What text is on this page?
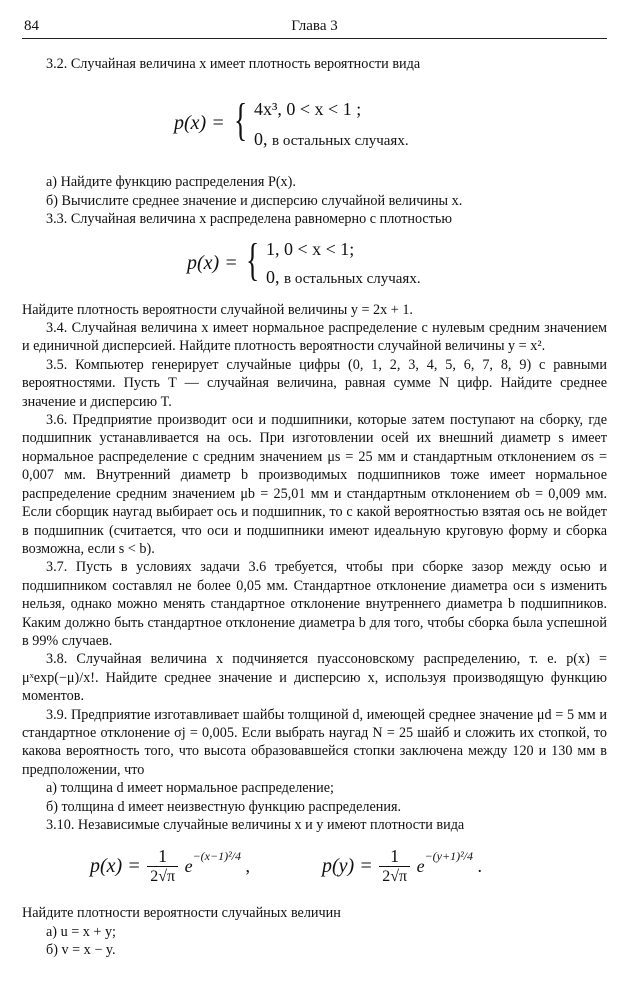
84	Глава 3

3.2. Случайная величина x имеет плотность вероятности вида

p(x) = { 4x³, 0 < x < 1 ;
0, в остальных случаях.

а) Найдите функцию распределения P(x).

б) Вычислите среднее значение и дисперсию случайной величины x.

3.3. Случайная величина x распределена равномерно с плотностью

p(x) = { 1, 0 < x < 1;
0, в остальных случаях.

Найдите плотность вероятности случайной величины y = 2x + 1.

3.4. Случайная величина x имеет нормальное распределение с нулевым средним значением и единичной дисперсией. Найдите плотность вероятности случайной величины y = x².

3.5. Компьютер генерирует случайные цифры (0, 1, 2, 3, 4, 5, 6, 7, 8, 9) с равными вероятностями. Пусть T — случайная величина, равная сумме N цифр. Найдите среднее значение и дисперсию T.

3.6. Предприятие производит оси и подшипники, которые затем поступают на сборку, где подшипник устанавливается на ось. При изготовлении осей их внешний диаметр s имеет нормальное распределение с средним значением μs = 25 мм и стандартным отклонением σs = 0,007 мм. Внутренний диаметр b производимых подшипников тоже имеет нормальное распределение средним значением μb = 25,01 мм и стандартным отклонением σb = 0,009 мм. Если сборщик наугад выбирает ось и подшипник, то с какой вероятностью взятая ось не войдет в подшипник (считается, что оси и подшипники имеют идеальную круговую форму и сборка возможна, если s < b).

3.7. Пусть в условиях задачи 3.6 требуется, чтобы при сборке зазор между осью и подшипником составлял не более 0,05 мм. Стандартное отклонение диаметра оси s изменить нельзя, однако можно менять стандартное отклонение внутреннего диаметра b подшипников. Каким должно быть стандартное отклонение диаметра b для того, чтобы сборка была успешной в 99% случаев.

3.8. Случайная величина x подчиняется пуассоновскому распределению, т. е. p(x) = μˣexp(−μ)/x!. Найдите среднее значение и дисперсию x, используя производящую функцию моментов.

3.9. Предприятие изготавливает шайбы толщиной d, имеющей среднее значение μd = 5 мм и стандартное отклонение σj = 0,005. Если выбрать наугад N = 25 шайб и сложить их стопкой, то какова вероятность того, что высота образовавшейся стопки заключена между 120 и 130 мм в предположении, что

а) толщина d имеет нормальное распределение;

б) толщина d имеет неизвестную функцию распределения.

3.10. Независимые случайные величины x и y имеют плотности вида

$p(x) = \frac{1}{2√\pi} e^{-(x-1)^2/4}$ ,	$p(y) = \frac{1}{2√\pi} e^{-(y+1)^2/4}$ .

Найдите плотности вероятности случайных величин

а) u = x + y;

б) v = x − y.
